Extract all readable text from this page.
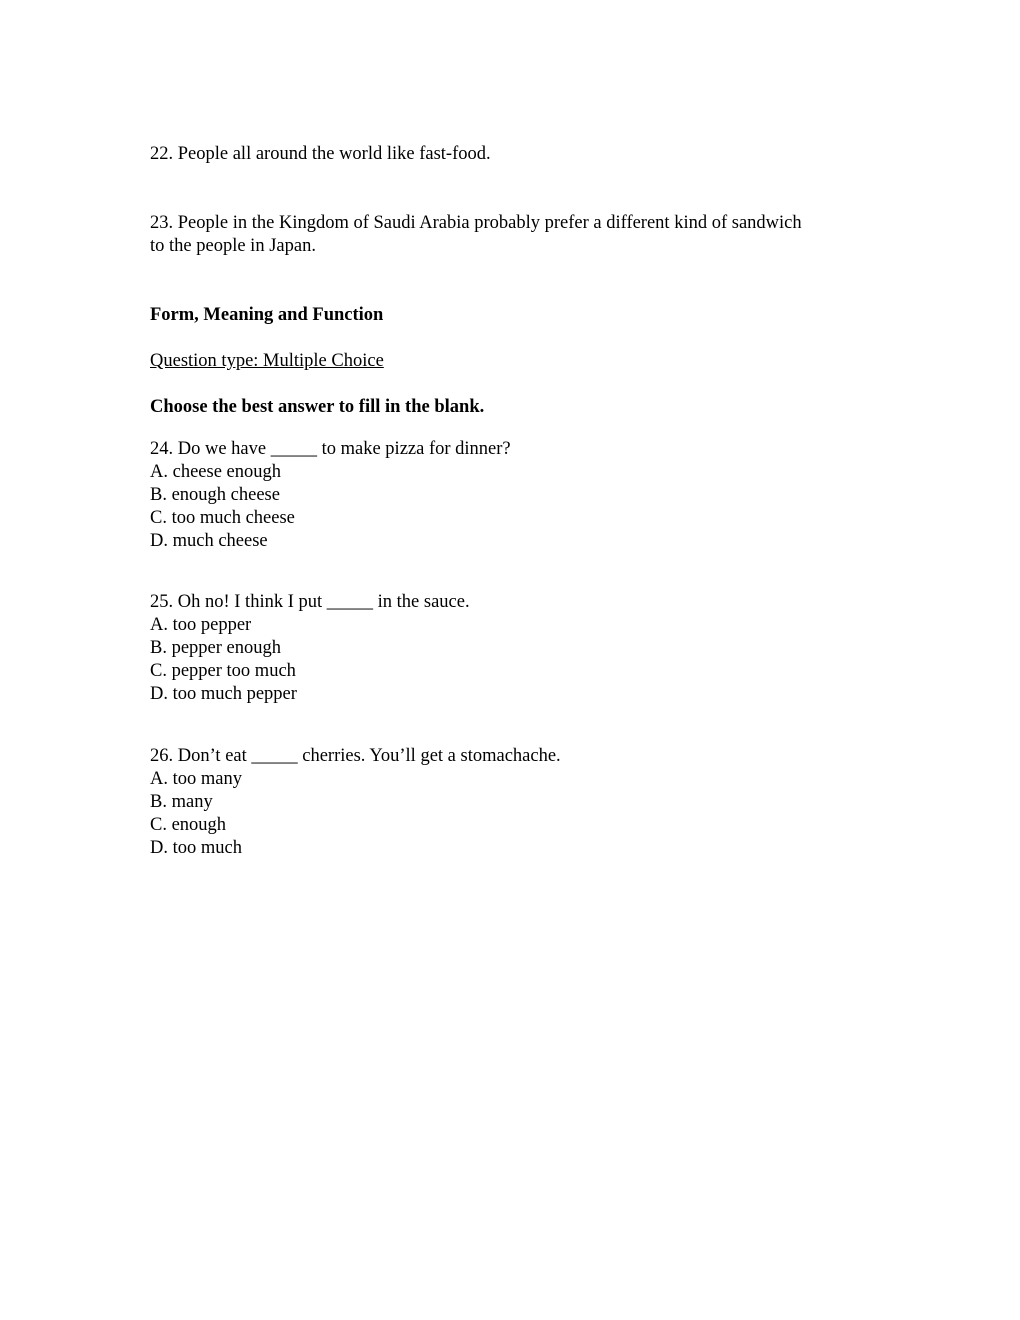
22. People all around the world like fast-food.

23. People in the Kingdom of Saudi Arabia probably prefer a different kind of sandwich
to the people in Japan.

Form, Meaning and Function

Question type: Multiple Choice

Choose the best answer to fill in the blank.

24. Do we have _____ to make pizza for dinner?
A. cheese enough
B. enough cheese
C. too much cheese
D. much cheese
25. Oh no! I think I put _____ in the sauce.
A. too pepper
B. pepper enough
C. pepper too much
D. too much pepper
26. Don’t eat _____ cherries. You’ll get a stomachache.
A. too many
B. many
C. enough
D. too much
